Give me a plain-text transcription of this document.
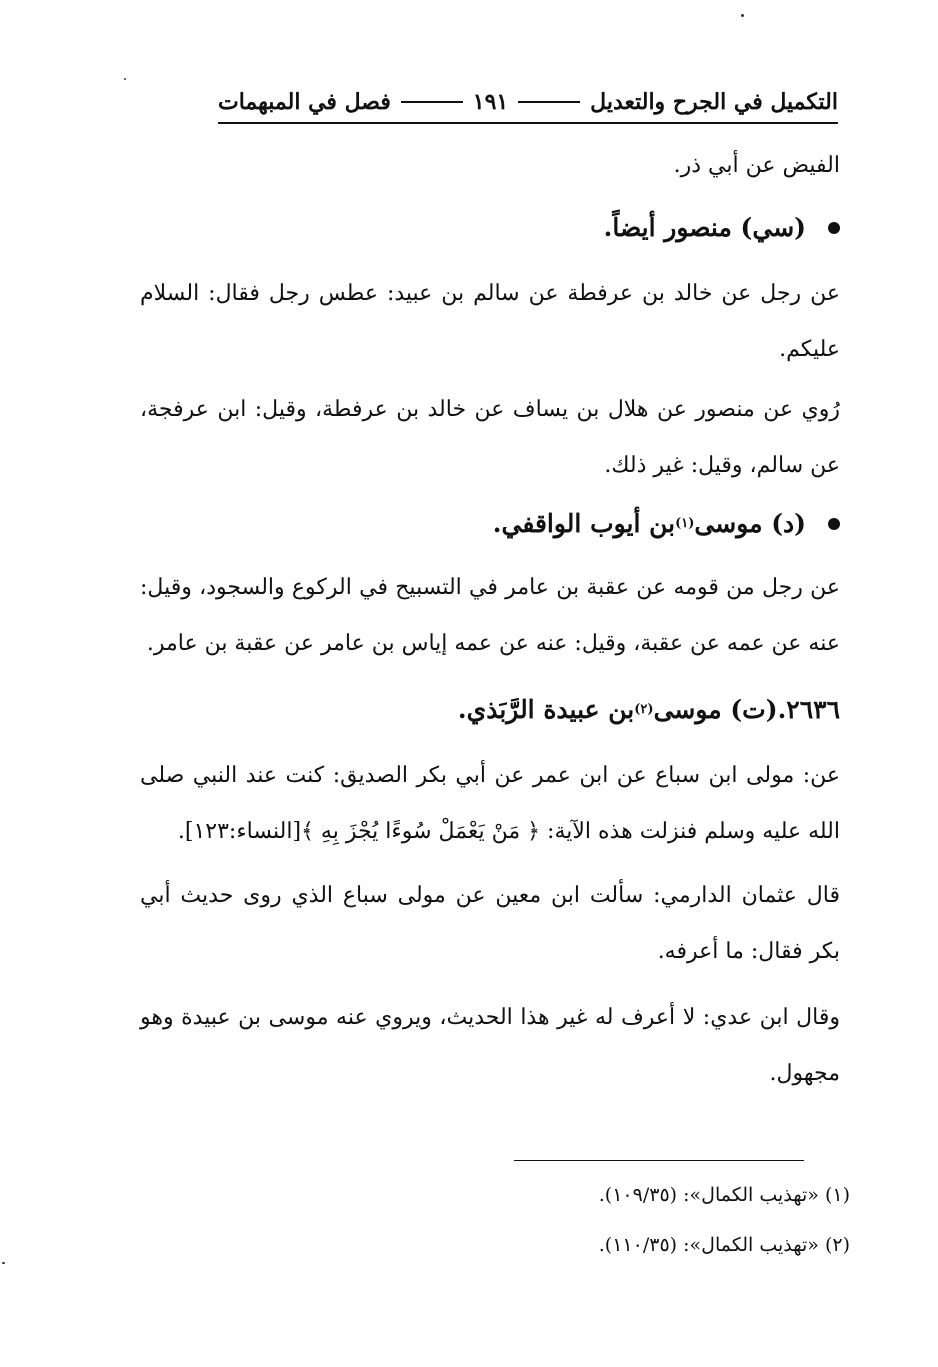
التكميل في الجرح والتعديل
١٩١
فصل في المبهمات
الفيض عن أبي ذر.
(سي) منصور أيضاً.
عن رجل عن خالد بن عرفطة عن سالم بن عبيد: عطس رجل فقال: السلام عليكم.
رُوي عن منصور عن هلال بن يساف عن خالد بن عرفطة، وقيل: ابن عرفجة، عن سالم، وقيل: غير ذلك.
(د) موسى
(١)
بن أيوب الواقفي.
عن رجل من قومه عن عقبة بن عامر في التسبيح في الركوع والسجود، وقيل: عنه عن عمه عن عقبة، وقيل: عنه عن عمه إياس بن عامر عن عقبة بن عامر.
٢٦٣٦.
(ت) موسى
(٢)
بن عبيدة الرَّبَذي.
عن: مولى ابن سباع عن ابن عمر عن أبي بكر الصديق: كنت عند النبي صلى الله عليه وسلم فنزلت هذه الآية: ﴿ مَنْ يَعْمَلْ سُوءًا يُجْزَ بِهِ ﴾[النساء:١٢٣].
قال عثمان الدارمي: سألت ابن معين عن مولى سباع الذي روى حديث أبي بكر فقال: ما أعرفه.
وقال ابن عدي: لا أعرف له غير هذا الحديث، ويروي عنه موسى بن عبيدة وهو مجهول.
(١) «تهذيب الكمال»: (١٠٩/٣٥).
(٢) «تهذيب الكمال»: (١١٠/٣٥).
